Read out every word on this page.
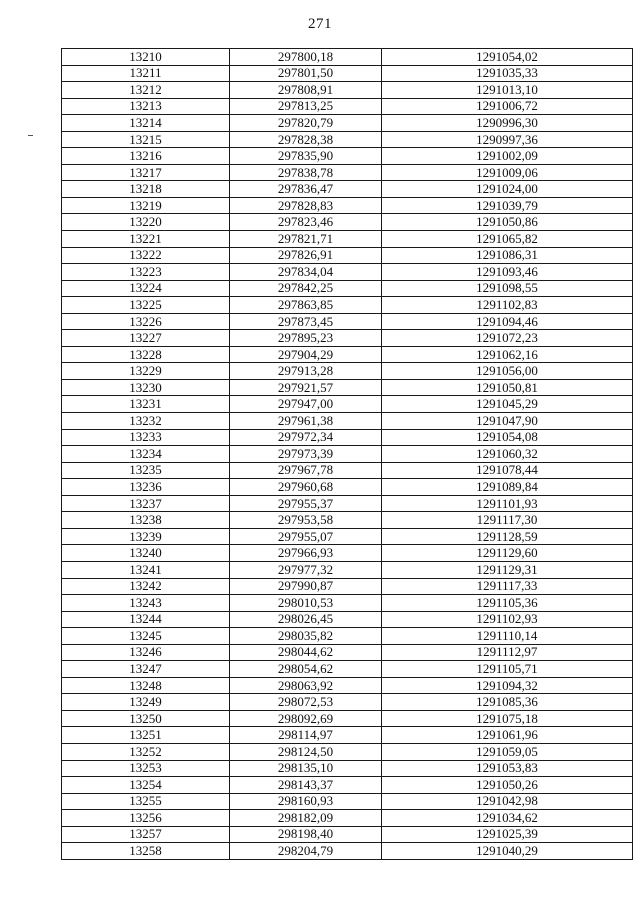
271
13210	297800,18	1291054,02
13211	297801,50	1291035,33
13212	297808,91	1291013,10
13213	297813,25	1291006,72
13214	297820,79	1290996,30
13215	297828,38	1290997,36
13216	297835,90	1291002,09
13217	297838,78	1291009,06
13218	297836,47	1291024,00
13219	297828,83	1291039,79
13220	297823,46	1291050,86
13221	297821,71	1291065,82
13222	297826,91	1291086,31
13223	297834,04	1291093,46
13224	297842,25	1291098,55
13225	297863,85	1291102,83
13226	297873,45	1291094,46
13227	297895,23	1291072,23
13228	297904,29	1291062,16
13229	297913,28	1291056,00
13230	297921,57	1291050,81
13231	297947,00	1291045,29
13232	297961,38	1291047,90
13233	297972,34	1291054,08
13234	297973,39	1291060,32
13235	297967,78	1291078,44
13236	297960,68	1291089,84
13237	297955,37	1291101,93
13238	297953,58	1291117,30
13239	297955,07	1291128,59
13240	297966,93	1291129,60
13241	297977,32	1291129,31
13242	297990,87	1291117,33
13243	298010,53	1291105,36
13244	298026,45	1291102,93
13245	298035,82	1291110,14
13246	298044,62	1291112,97
13247	298054,62	1291105,71
13248	298063,92	1291094,32
13249	298072,53	1291085,36
13250	298092,69	1291075,18
13251	298114,97	1291061,96
13252	298124,50	1291059,05
13253	298135,10	1291053,83
13254	298143,37	1291050,26
13255	298160,93	1291042,98
13256	298182,09	1291034,62
13257	298198,40	1291025,39
13258	298204,79	1291040,29
